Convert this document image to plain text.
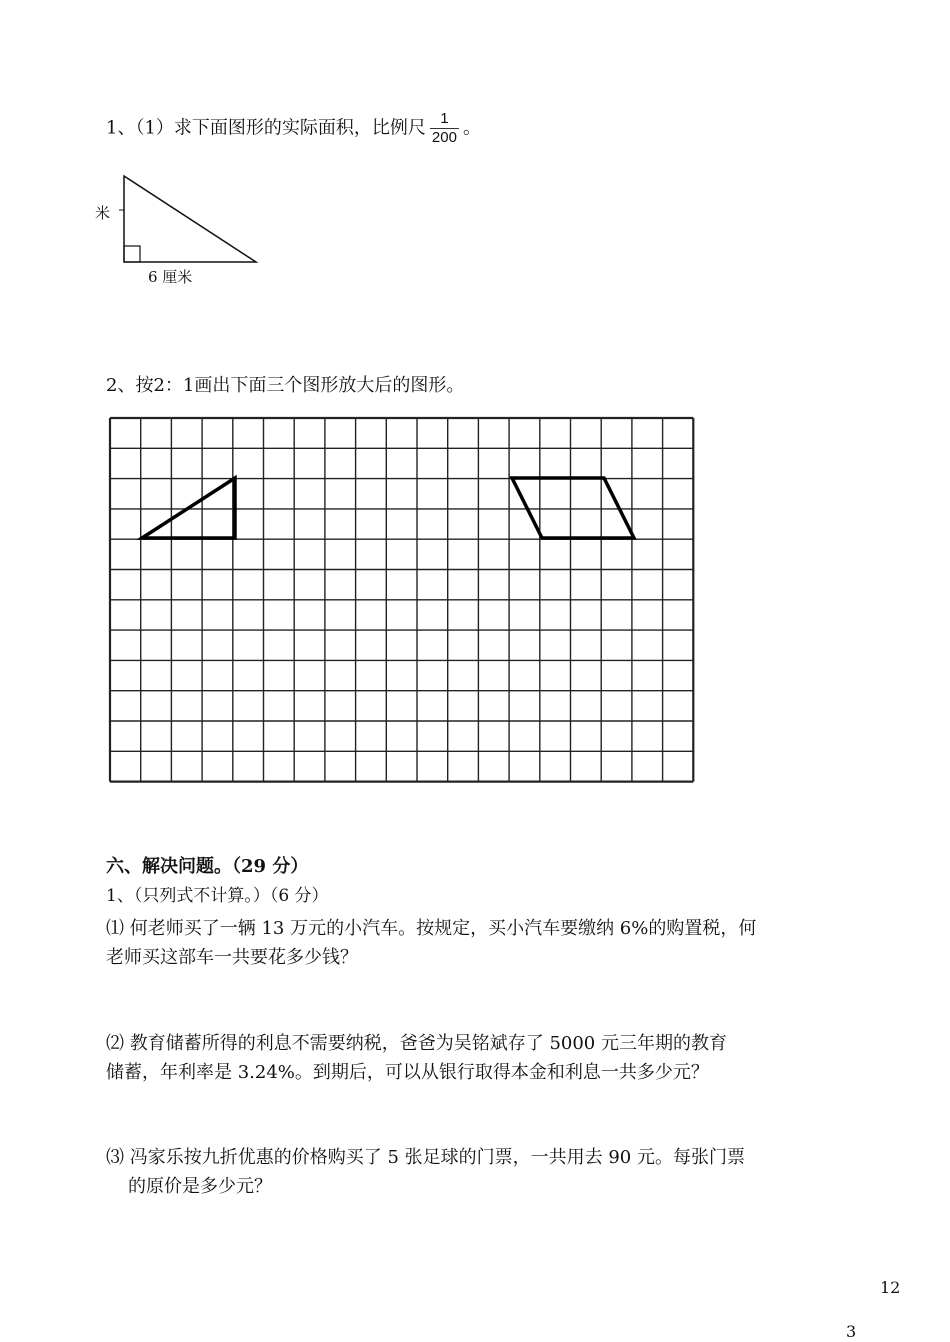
1、（1）求下面图形的实际面积，比例尺 $\frac{1}{200}$ 。
米
6 厘米
2、按2：1画出下面三个图形放大后的图形。
六、解决问题。（29 分）
1、（只列式不计算。）（6 分）
⑴ 何老师买了一辆 13 万元的小汽车。按规定，买小汽车要缴纳 6%的购置税，何
老师买这部车一共要花多少钱？
⑵ 教育储蓄所得的利息不需要纳税，爸爸为吴铭斌存了 5000 元三年期的教育
储蓄，年利率是 3.24%。到期后，可以从银行取得本金和利息一共多少元？
⑶ 冯家乐按九折优惠的价格购买了 5 张足球的门票，一共用去 90 元。每张门票

的原价是多少元？
12
3
